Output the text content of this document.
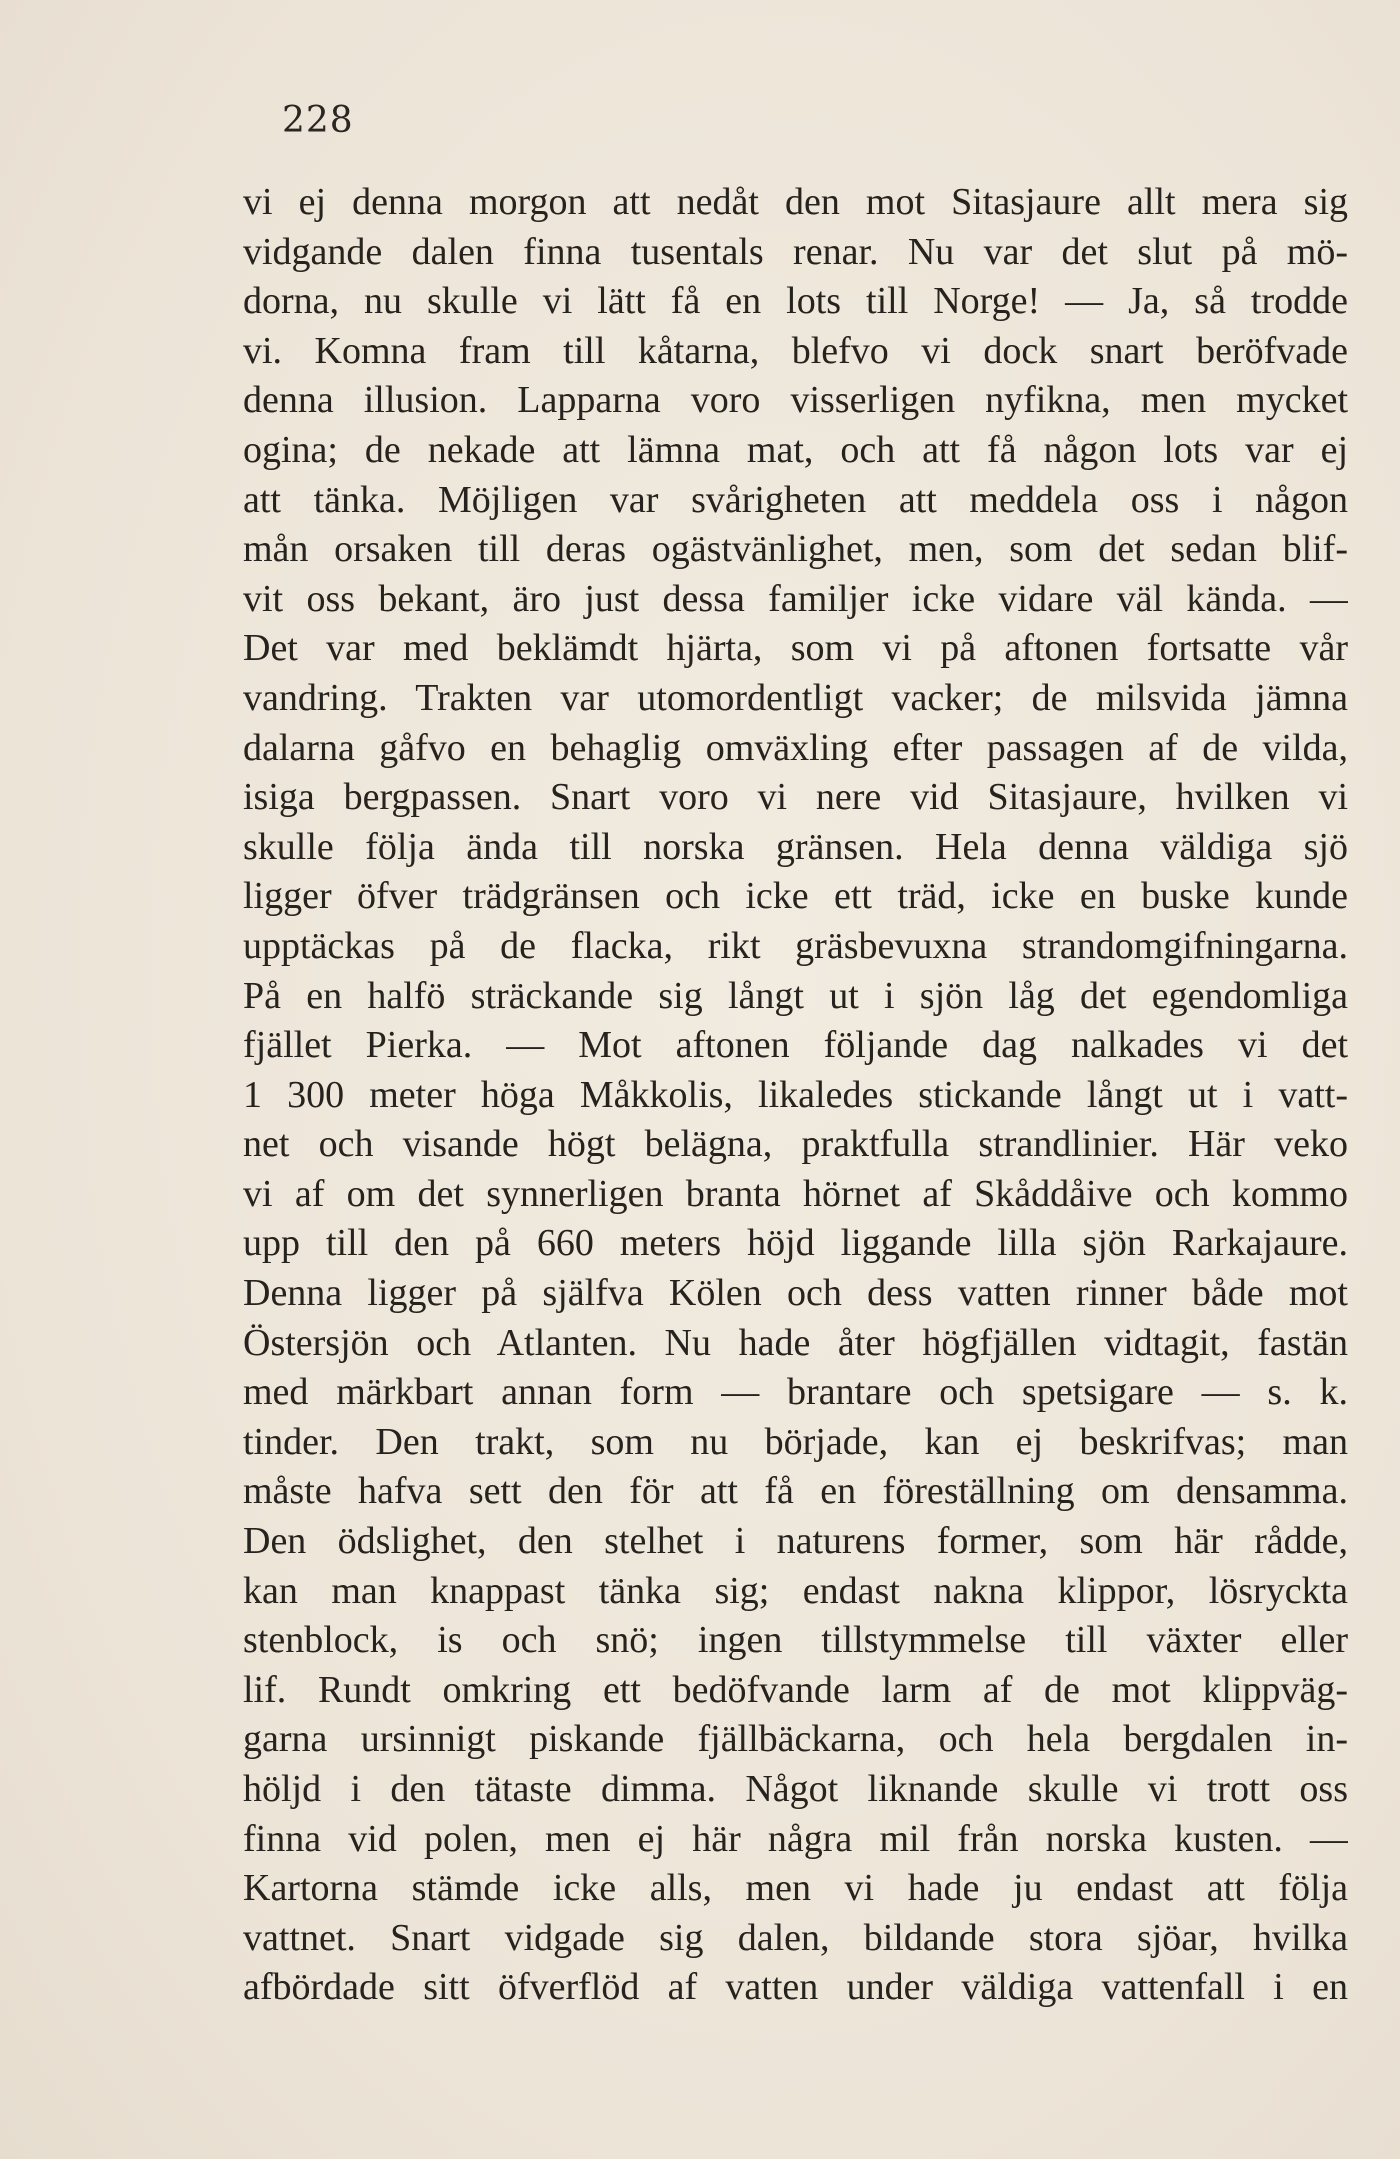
228
vi ej denna morgon att nedåt den mot Sitasjaure allt mera sig
vidgande dalen finna tusentals renar. Nu var det slut på mö-
dorna, nu skulle vi lätt få en lots till Norge! — Ja, så trodde
vi. Komna fram till kåtarna, blefvo vi dock snart beröfvade
denna illusion. Lapparna voro visserligen nyfikna, men mycket
ogina; de nekade att lämna mat, och att få någon lots var ej
att tänka. Möjligen var svårigheten att meddela oss i någon
mån orsaken till deras ogästvänlighet, men, som det sedan blif-
vit oss bekant, äro just dessa familjer icke vidare väl kända. —
Det var med beklämdt hjärta, som vi på aftonen fortsatte vår
vandring. Trakten var utomordentligt vacker; de milsvida jämna
dalarna gåfvo en behaglig omväxling efter passagen af de vilda,
isiga bergpassen. Snart voro vi nere vid Sitasjaure, hvilken vi
skulle följa ända till norska gränsen. Hela denna väldiga sjö
ligger öfver trädgränsen och icke ett träd, icke en buske kunde
upptäckas på de flacka, rikt gräsbevuxna strandomgifningarna.
På en halfö sträckande sig långt ut i sjön låg det egendomliga
fjället Pierka. — Mot aftonen följande dag nalkades vi det
1 300 meter höga Måkkolis, likaledes stickande långt ut i vatt-
net och visande högt belägna, praktfulla strandlinier. Här veko
vi af om det synnerligen branta hörnet af Skåddåive och kommo
upp till den på 660 meters höjd liggande lilla sjön Rarkajaure.
Denna ligger på själfva Kölen och dess vatten rinner både mot
Östersjön och Atlanten. Nu hade åter högfjällen vidtagit, fastän
med märkbart annan form — brantare och spetsigare — s. k.
tinder. Den trakt, som nu började, kan ej beskrifvas; man
måste hafva sett den för att få en föreställning om densamma.
Den ödslighet, den stelhet i naturens former, som här rådde,
kan man knappast tänka sig; endast nakna klippor, lösryckta
stenblock, is och snö; ingen tillstymmelse till växter eller
lif. Rundt omkring ett bedöfvande larm af de mot klippväg-
garna ursinnigt piskande fjällbäckarna, och hela bergdalen in-
höljd i den tätaste dimma. Något liknande skulle vi trott oss
finna vid polen, men ej här några mil från norska kusten. —
Kartorna stämde icke alls, men vi hade ju endast att följa
vattnet. Snart vidgade sig dalen, bildande stora sjöar, hvilka
afbördade sitt öfverflöd af vatten under väldiga vattenfall i en
